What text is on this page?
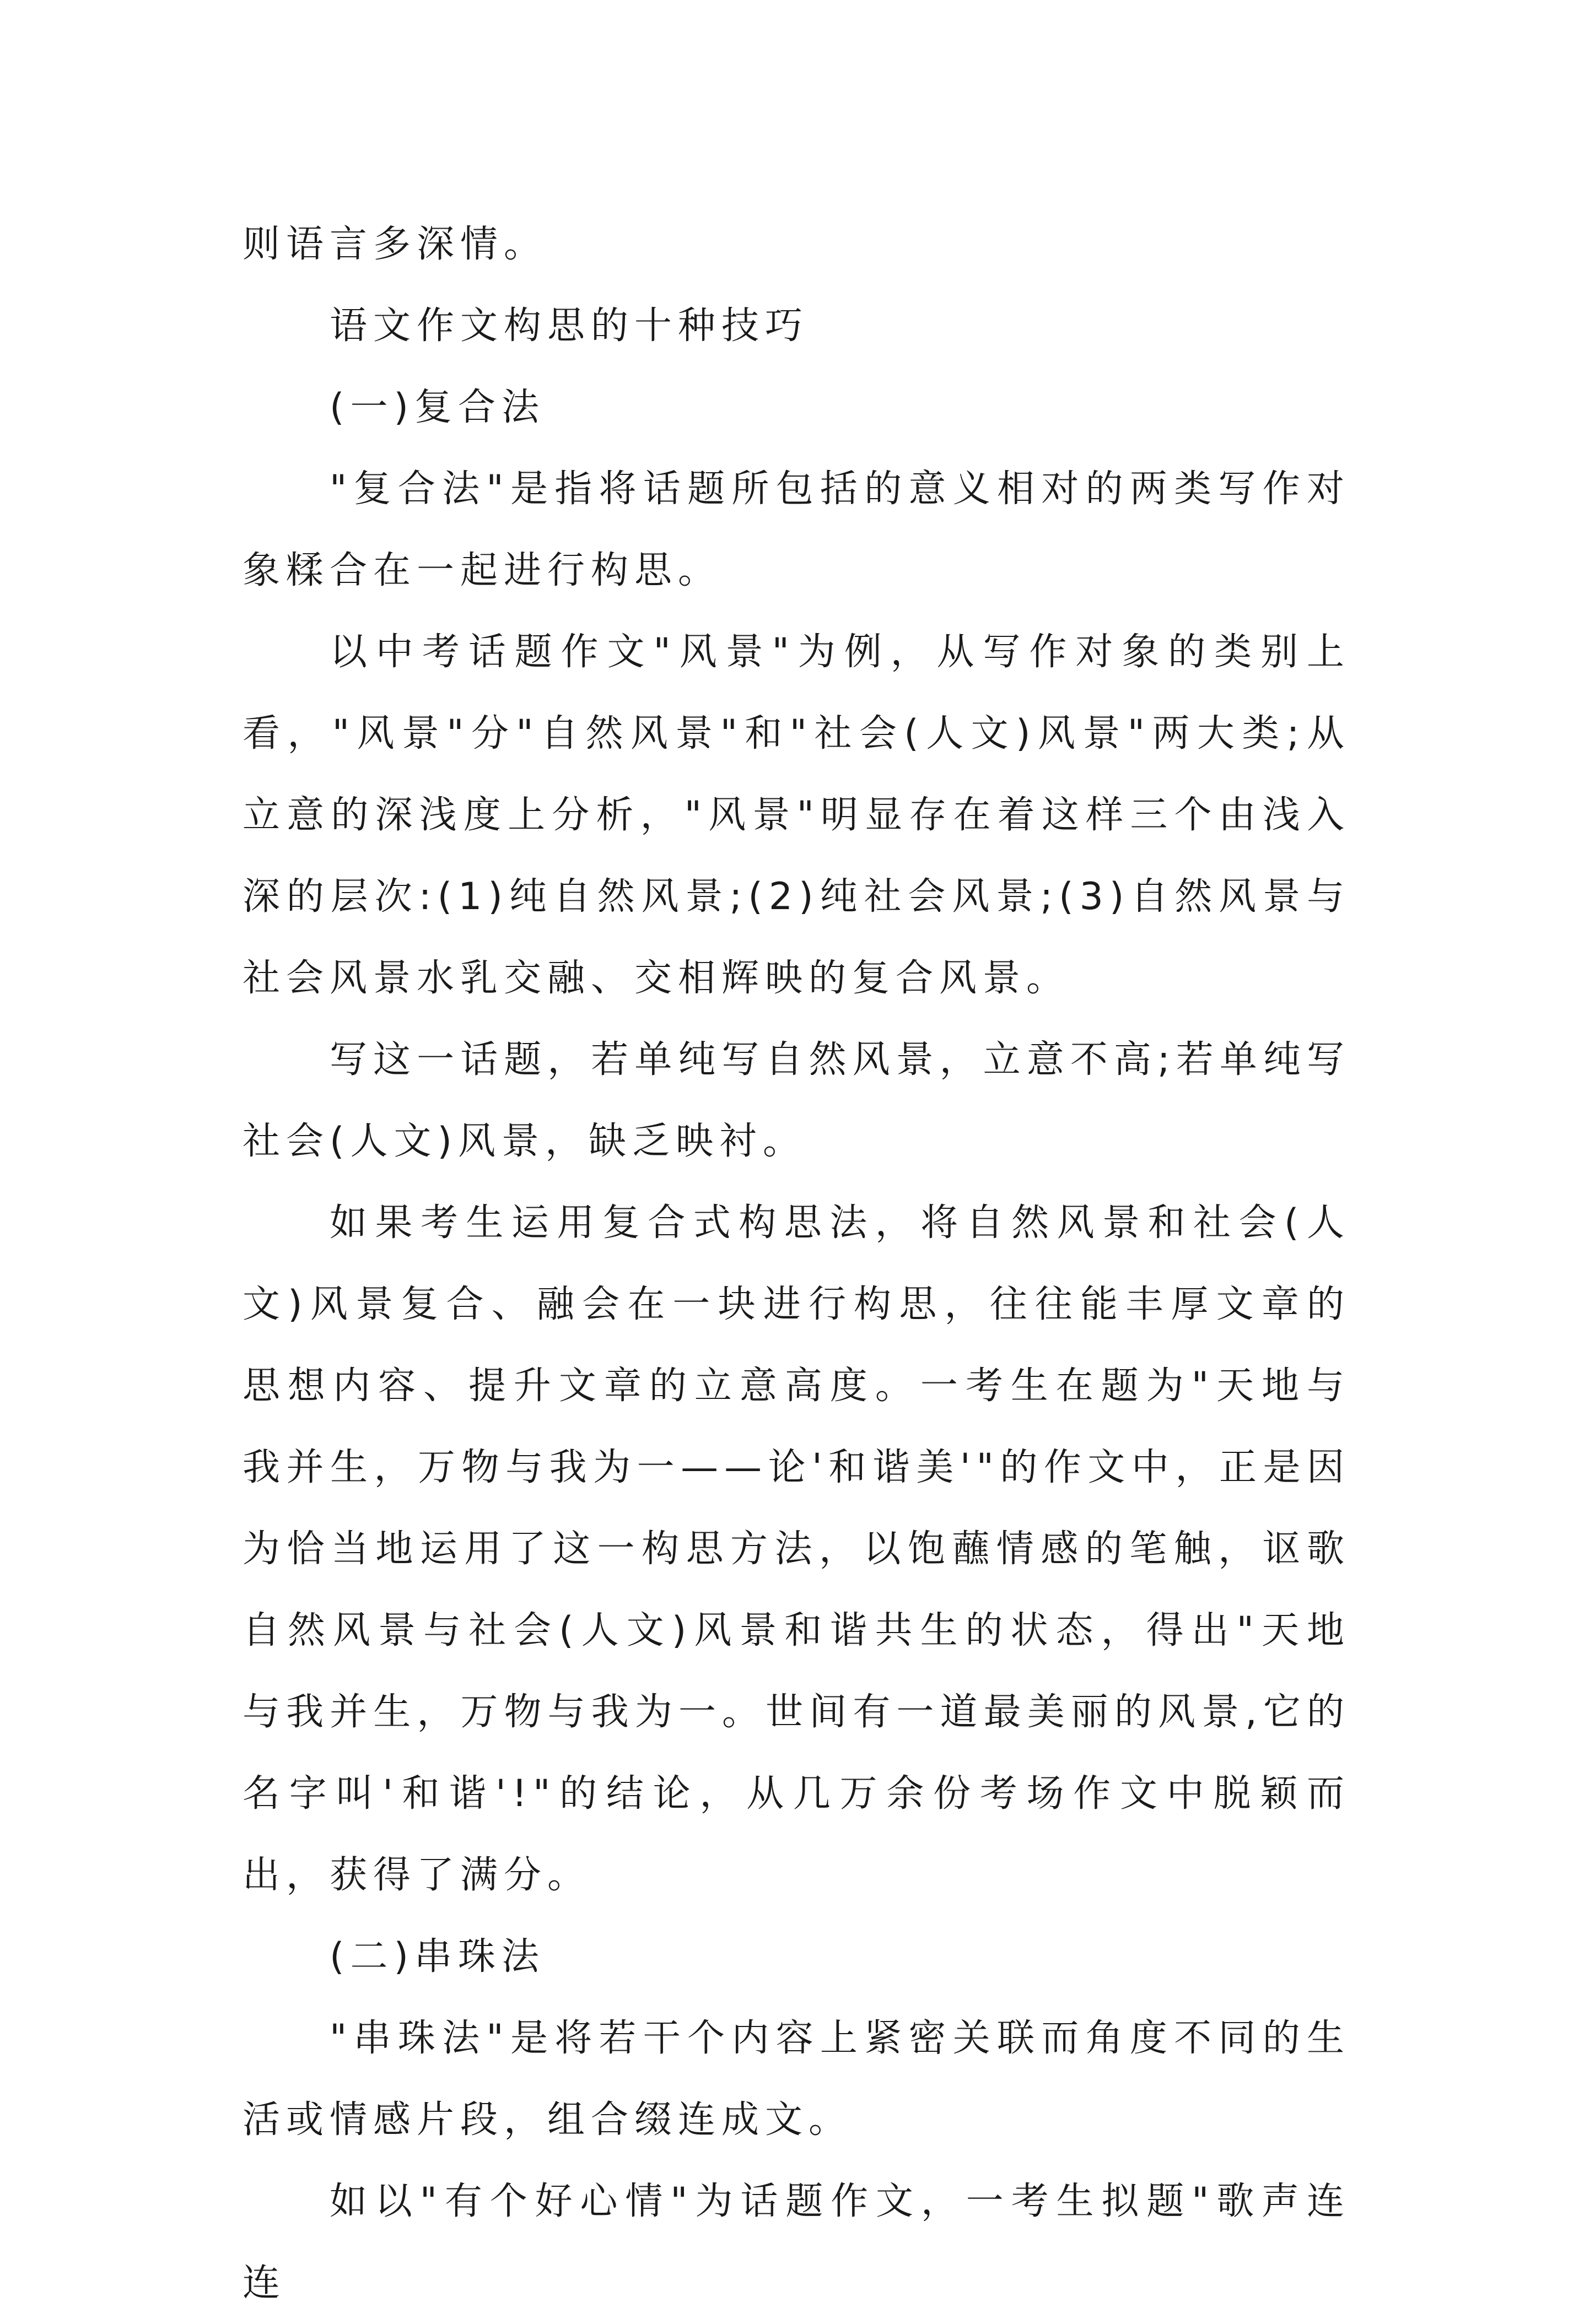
则语言多深情。

语文作文构思的十种技巧

(一)复合法

"复合法"是指将话题所包括的意义相对的两类写作对象糅合在一起进行构思。

以中考话题作文"风景"为例，从写作对象的类别上看，"风景"分"自然风景"和"社会(人文)风景"两大类;从立意的深浅度上分析，"风景"明显存在着这样三个由浅入深的层次:(1)纯自然风景;(2)纯社会风景;(3)自然风景与社会风景水乳交融、交相辉映的复合风景。

写这一话题，若单纯写自然风景，立意不高;若单纯写社会(人文)风景，缺乏映衬。

如果考生运用复合式构思法，将自然风景和社会(人文)风景复合、融会在一块进行构思，往往能丰厚文章的思想内容、提升文章的立意高度。一考生在题为"天地与我并生，万物与我为一——论'和谐美'"的作文中，正是因为恰当地运用了这一构思方法，以饱蘸情感的笔触，讴歌自然风景与社会(人文)风景和谐共生的状态，得出"天地与我并生，万物与我为一。世间有一道最美丽的风景,它的名字叫'和谐'!"的结论，从几万余份考场作文中脱颖而出，获得了满分。

(二)串珠法

"串珠法"是将若干个内容上紧密关联而角度不同的生活或情感片段，组合缀连成文。

如以"有个好心情"为话题作文，一考生拟题"歌声连连
